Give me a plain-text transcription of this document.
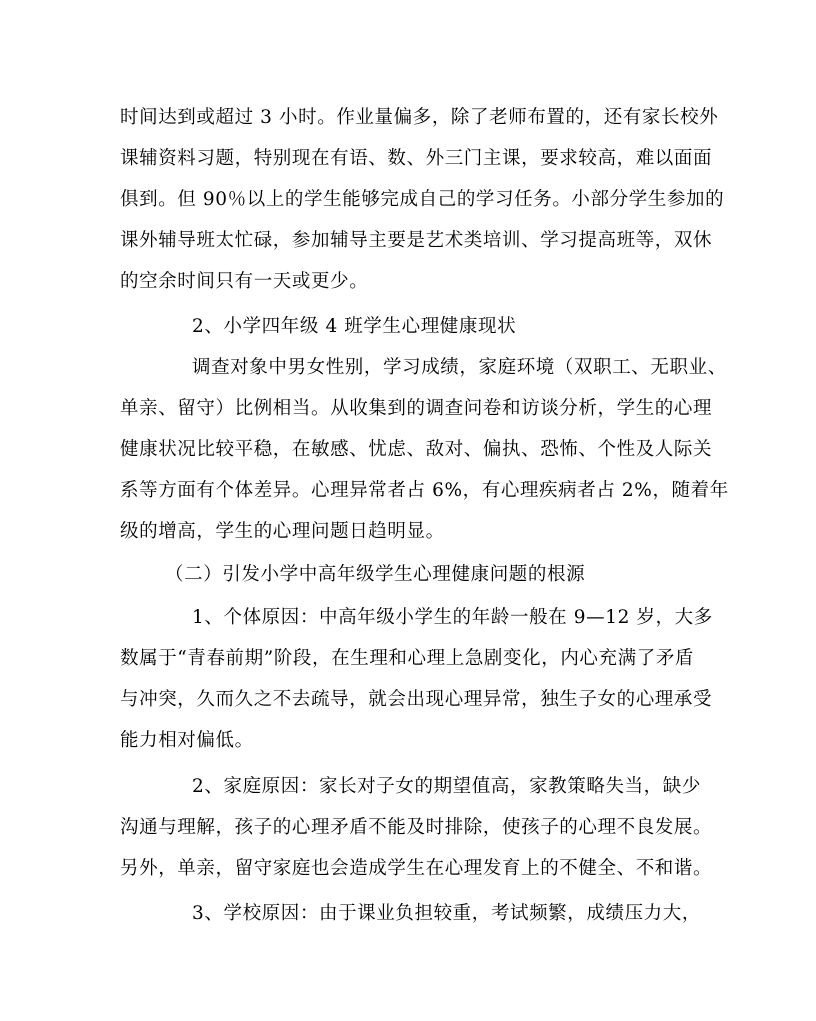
时间达到或超过 3 小时。作业量偏多，除了老师布置的，还有家长校外
课辅资料习题，特别现在有语、数、外三门主课，要求较高，难以面面
俱到。但 90％以上的学生能够完成自己的学习任务。小部分学生参加的
课外辅导班太忙碌，参加辅导主要是艺术类培训、学习提高班等，双休
的空余时间只有一天或更少。
2、小学四年级 4 班学生心理健康现状
调查对象中男女性别，学习成绩，家庭环境（双职工、无职业、
单亲、留守）比例相当。从收集到的调查问卷和访谈分析，学生的心理
健康状况比较平稳，在敏感、忧虑、敌对、偏执、恐怖、个性及人际关
系等方面有个体差异。心理异常者占 6%，有心理疾病者占 2%，随着年
级的增高，学生的心理问题日趋明显。
（二）引发小学中高年级学生心理健康问题的根源
1、个体原因：中高年级小学生的年龄一般在 9—12 岁，大多
数属于“青春前期”阶段，在生理和心理上急剧变化，内心充满了矛盾
与冲突，久而久之不去疏导，就会出现心理异常，独生子女的心理承受
能力相对偏低。
2、家庭原因：家长对子女的期望值高，家教策略失当，缺少
沟通与理解，孩子的心理矛盾不能及时排除，使孩子的心理不良发展。
另外，单亲，留守家庭也会造成学生在心理发育上的不健全、不和谐。
3、学校原因：由于课业负担较重，考试频繁，成绩压力大，
